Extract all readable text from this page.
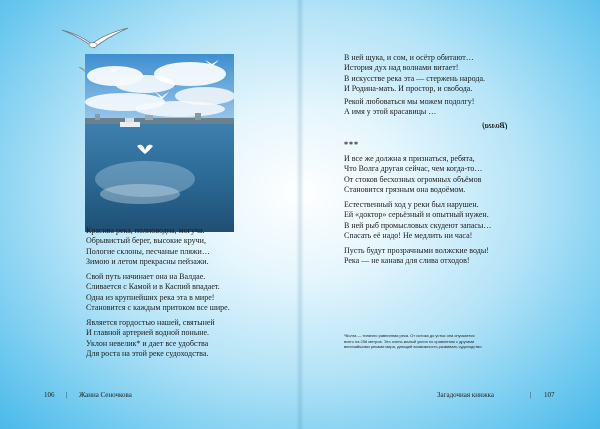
Красива река, полноводна, могуча.
Обрывистый берег, высокие кручи,
Пологие склоны, песчаные пляжи…
Зимою и летом прекрасны пейзажи.
Свой путь начинает она на Валдае.
Сливается с Камой и в Каспий впадает.
Одна из крупнейших река эта в мире!
Становится с каждым притоком все шире.
Является гордостью нашей, святыней
И главной артерией водной поныне.
Уклон невелик* и дает все удобства
Для роста на этой реке судоходства.
106 | Жанна Сеночкова
В ней щука, и сом, и осётр обитают…
История дух над волнами витает!
В искусстве река эта — стержень народа.
И Родина-мать. И простор, и свобода.
Рекой любоваться мы можем подолгу!
А имя у этой красавицы …
(Волга)
***
И все же должна я признаться, ребята,
Что Волга другая сейчас, чем когда-то…
От стоков бесхозных огромных объёмов
Становится грязным она водоёмом.
Естественный ход у реки был нарушен.
Ей «доктор» серьёзный и опытный нужен.
В ней рыб промысловых скудеют запасы…
Спасать её надо! Не медлить ни часа!
Пусть будут прозрачными волжские воды!
Река — не канава для слива отходов!
*Волга — типично равнинная река. От истока до устья она спускается
всего на 256 метров. Это очень малый уклон по сравнению с другими
величайшими реками мира, дающий возможность развивать судоходство.
Загадочная книжка	| 107
